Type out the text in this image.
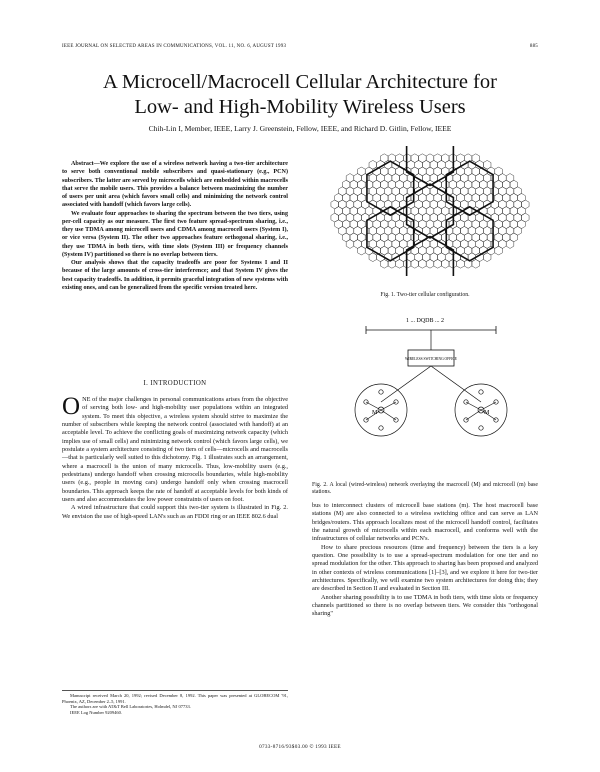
IEEE JOURNAL ON SELECTED AREAS IN COMMUNICATIONS, VOL. 11, NO. 6, AUGUST 1993	885
A Microcell/Macrocell Cellular Architecture for
Low- and High-Mobility Wireless Users
Chih-Lin I, Member, IEEE, Larry J. Greenstein, Fellow, IEEE, and Richard D. Gitlin, Fellow, IEEE

Abstract—We explore the use of a wireless network having a two-tier architecture to serve both conventional mobile subscribers and quasi-stationary (e.g., PCN) subscribers. The latter are served by microcells which are embedded within macrocells that serve the mobile users. This provides a balance between maximizing the number of users per unit area (which favors small cells) and minimizing the network control associated with handoff (which favors large cells).

We evaluate four approaches to sharing the spectrum between the two tiers, using per-cell capacity as our measure. The first two feature spread-spectrum sharing, i.e., they use TDMA among microcell users and CDMA among macrocell users (System I), or vice versa (System II). The other two approaches feature orthogonal sharing, i.e., they use TDMA in both tiers, with time slots (System III) or frequency channels (System IV) partitioned so there is no overlap between tiers.

Our analysis shows that the capacity tradeoffs are poor for Systems I and II because of the large amounts of cross-tier interference; and that System IV gives the best capacity tradeoffs. In addition, it permits graceful integration of new systems with existing ones, and can be generalized from the specific version treated here.

I. INTRODUCTION

ONE of the major challenges in personal communications arises from the objective of serving both low- and high-mobility user populations within an integrated system. To meet this objective, a wireless system should strive to maximize the number of subscribers while keeping the network control (associated with handoff) at an acceptable level. To achieve the conflicting goals of maximizing network capacity (which implies use of small cells) and minimizing network control (which favors large cells), we postulate a system architecture consisting of two tiers of cells—microcells and macrocells—that is particularly well suited to this dichotomy. Fig. 1 illustrates such an arrangement, where a macrocell is the union of many microcells. Thus, low-mobility users (e.g., pedestrians) undergo handoff when crossing microcells boundaries, while high-mobility users (e.g., people in moving cars) undergo handoff only when crossing macrocell boundaries. This approach keeps the rate of handoff at acceptable levels for both kinds of users and also accommodates the low power constraints of users on foot.

A wired infrastructure that could support this two-tier system is illustrated in Fig. 2. We envision the use of high-speed LAN's such as an FDDI ring or an IEEE 802.6 dual

Manuscript received March 20, 1992; revised December 8, 1992. This paper was presented at GLOBECOM '91, Phoenix, AZ, December 2–5, 1991.

The authors are with AT&T Bell Laboratories, Holmdel, NJ 07733.

IEEE Log Number 9209460.

Fig. 1. Two-tier cellular configuration.
1 ... DQDB ... 2
WIRELESS SWITCHING OFFICE
M	M
Fig. 2. A local (wired-wireless) network overlaying the macrocell (M) and microcell (m) base stations.

bus to interconnect clusters of microcell base stations (m). The host macrocell base stations (M) are also connected to a wireless switching office and can serve as LAN bridges/routers. This approach localizes most of the microcell handoff control, facilitates the natural growth of microcells within each macrocell, and conforms well with the infrastructures of cellular networks and PCN's.

How to share precious resources (time and frequency) between the tiers is a key question. One possibility is to use a spread-spectrum modulation for one tier and no spread modulation for the other. This approach to sharing has been proposed and analyzed in other contexts of wireless communications [1]–[3], and we explore it here for two-tier architectures. Specifically, we will examine two system architectures for doing this; they are described in Section II and evaluated in Section III.

Another sharing possibility is to use TDMA in both tiers, with time slots or frequency channels partitioned so there is no overlap between tiers. We consider this "orthogonal sharing"

0733-8716/93$03.00 © 1993 IEEE
